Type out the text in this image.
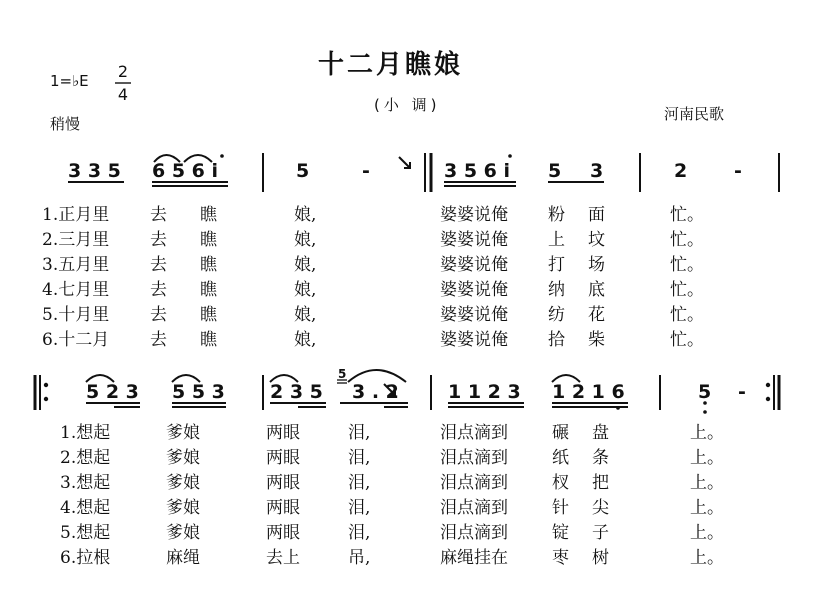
十二月瞧娘
(小 调)	河南民歌
1=♭E 2
4
稍慢
3 3 5 6 5 6 i	5	-	3 5 6 i 5 3	2 -
1.正月里 去 瞧	娘,	婆婆说俺 粉 面	忙。
2.三月里 去 瞧	娘,	婆婆说俺 上 坟	忙。
3.五月里 去 瞧	娘,	婆婆说俺 打 场	忙。
4.七月里 去 瞧	娘,	婆婆说俺 纳 底	忙。
5.十月里 去 瞧	娘,	婆婆说俺 纺 花	忙。
6.十二月 去 瞧	娘,	婆婆说俺 拾 柴	忙。
5 2 3 5 5 3 2 3 5
5
3 . 2	1 1 2 3 1 2 1 6	5 -
1.想起	爹娘	两眼	泪,	泪点滴到	碾 盘	上。
2.想起	爹娘	两眼	泪,	泪点滴到	纸 条	上。
3.想起	爹娘	两眼	泪,	泪点滴到	杈 把	上。
4.想起	爹娘	两眼	泪,	泪点滴到	针 尖	上。
5.想起	爹娘	两眼	泪,	泪点滴到	锭 子	上。
6.拉根	麻绳	去上	吊,	麻绳挂在	枣 树	上。
